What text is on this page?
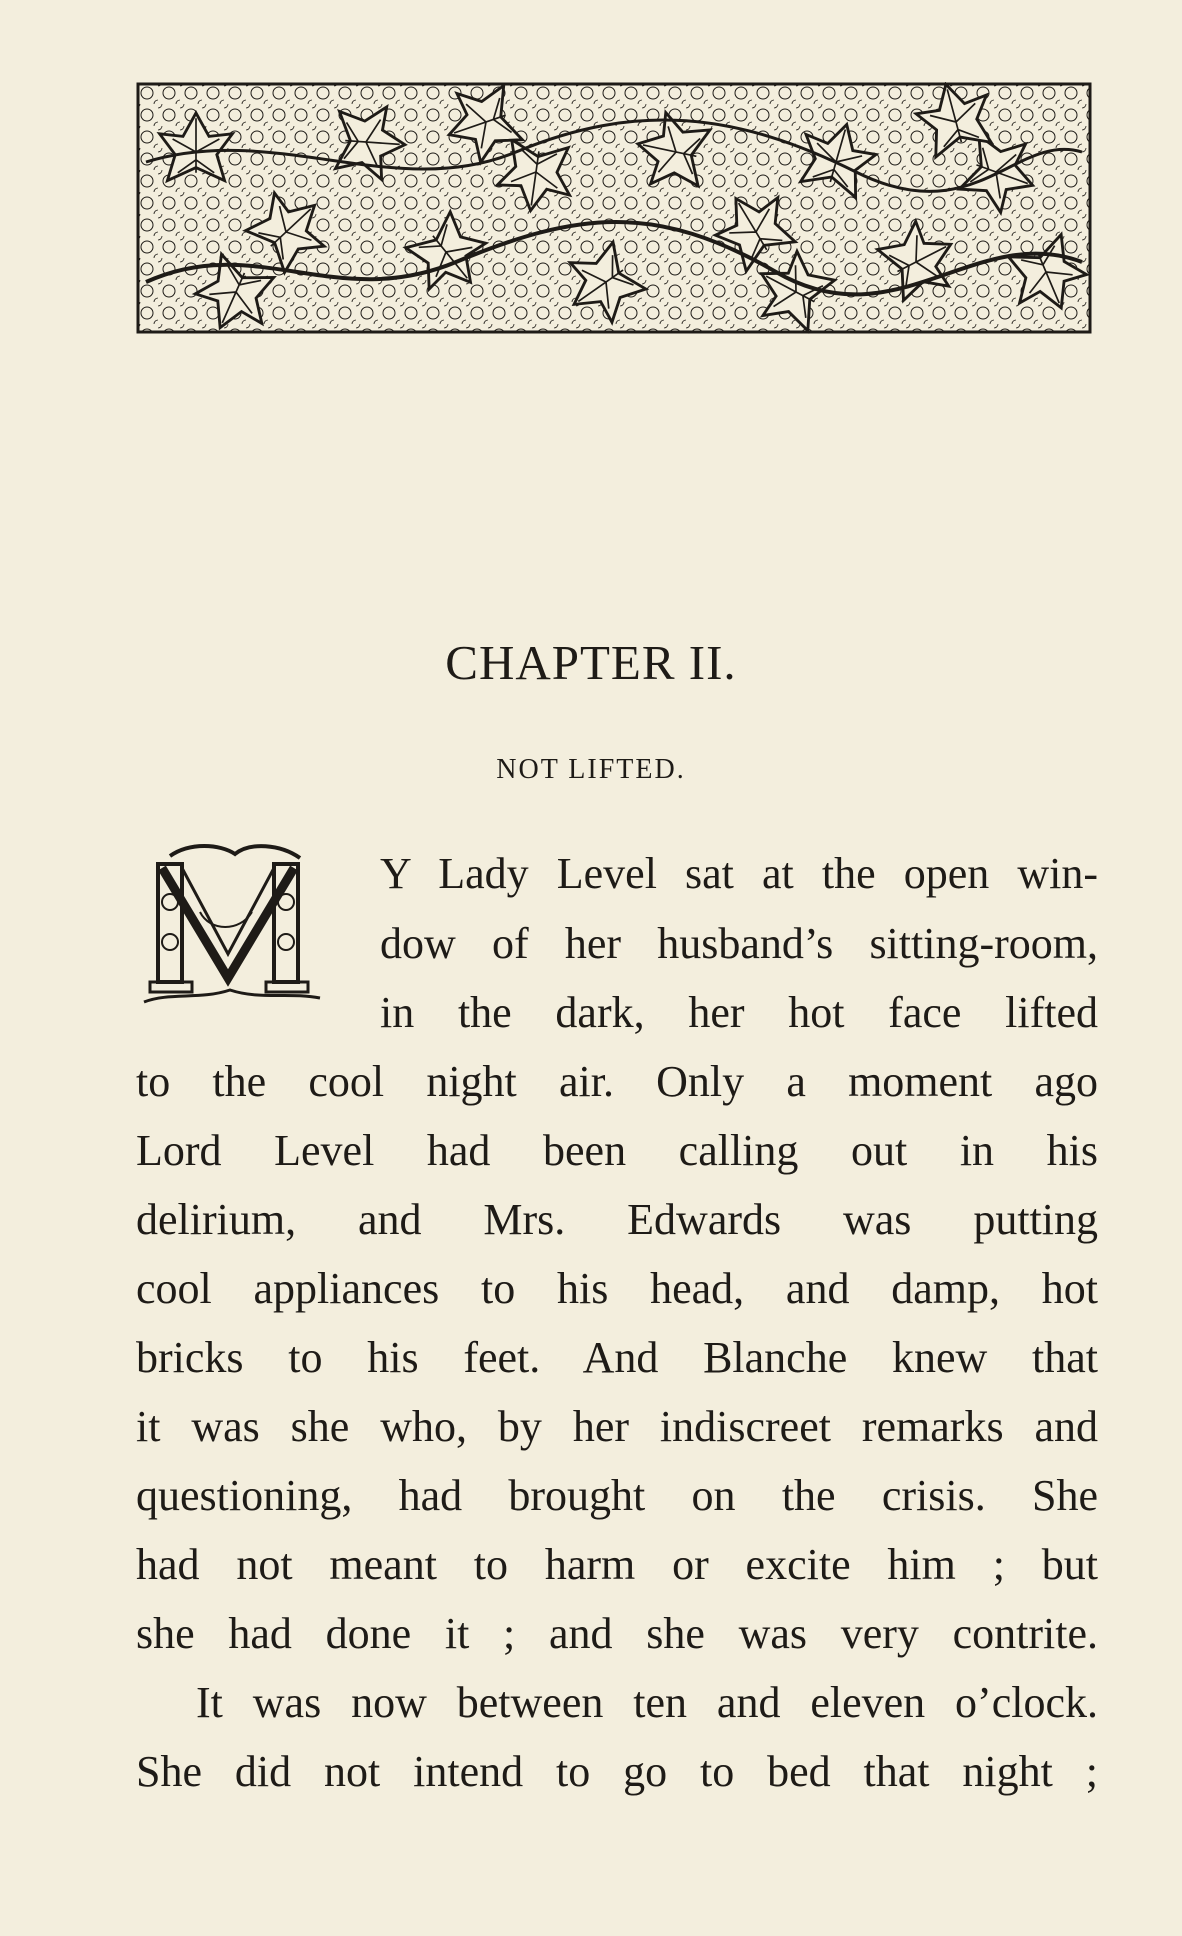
CHAPTER II.
NOT LIFTED.
Y Lady Level sat at the open win-
dow of her husband’s sitting-room,
in the dark, her hot face lifted
to the cool night air. Only a moment ago
Lord Level had been calling out in his
delirium, and Mrs. Edwards was putting
cool appliances to his head, and damp, hot
bricks to his feet. And Blanche knew that
it was she who, by her indiscreet remarks and
questioning, had brought on the crisis. She
had not meant to harm or excite him ; but
she had done it ; and she was very contrite.
It was now between ten and eleven o’clock.
She did not intend to go to bed that night ;
